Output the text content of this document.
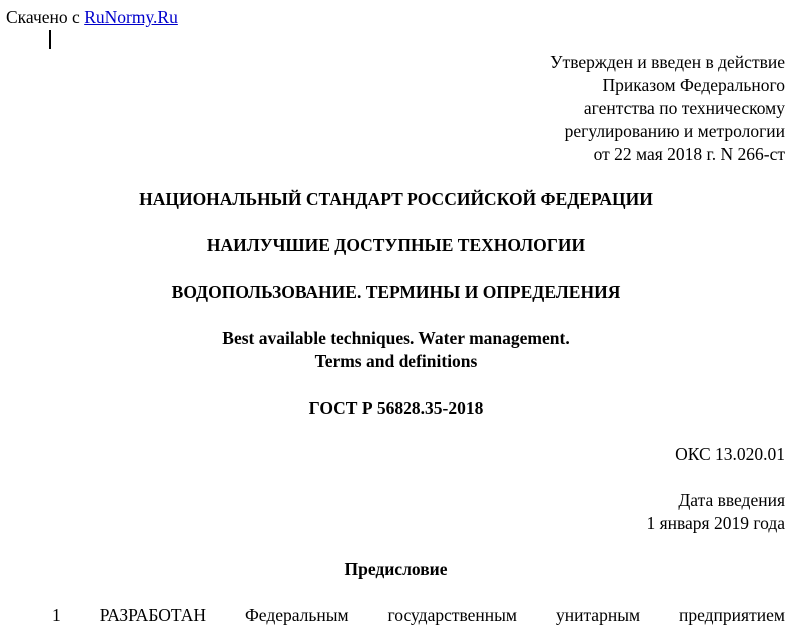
Скачено с RuNormy.Ru
Утвержден и введен в действие
Приказом Федерального
агентства по техническому
регулированию и метрологии
от 22 мая 2018 г. N 266-ст
НАЦИОНАЛЬНЫЙ СТАНДАРТ РОССИЙСКОЙ ФЕДЕРАЦИИ
НАИЛУЧШИЕ ДОСТУПНЫЕ ТЕХНОЛОГИИ
ВОДОПОЛЬЗОВАНИЕ. ТЕРМИНЫ И ОПРЕДЕЛЕНИЯ
Best available techniques. Water management.
Terms and definitions
ГОСТ Р 56828.35-2018
ОКС 13.020.01
Дата введения
1 января 2019 года
Предисловие
1 РАЗРАБОТАН Федеральным государственным унитарным предприятием
